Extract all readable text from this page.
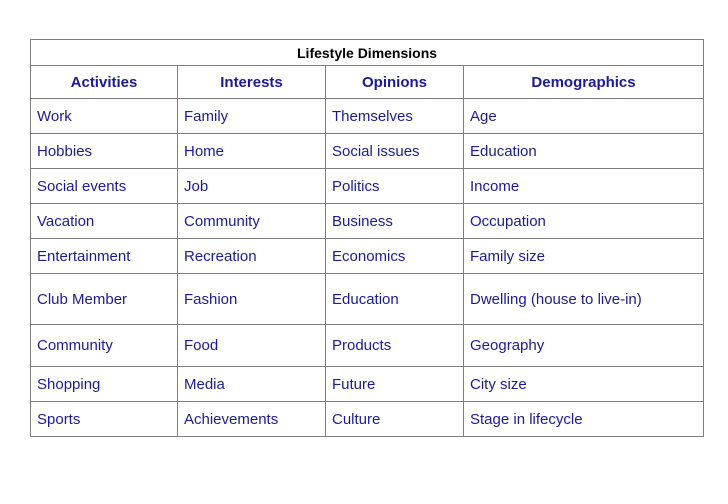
Lifestyle Dimensions			
Activities	Interests	Opinions	Demographics
Work	Family	Themselves	Age
Hobbies	Home	Social issues	Education
Social events	Job	Politics	Income
Vacation	Community	Business	Occupation
Entertainment	Recreation	Economics	Family size
Club Member	Fashion	Education	Dwelling (house to live-in)
Community	Food	Products	Geography
Shopping	Media	Future	City size
Sports	Achievements	Culture	Stage in lifecycle
